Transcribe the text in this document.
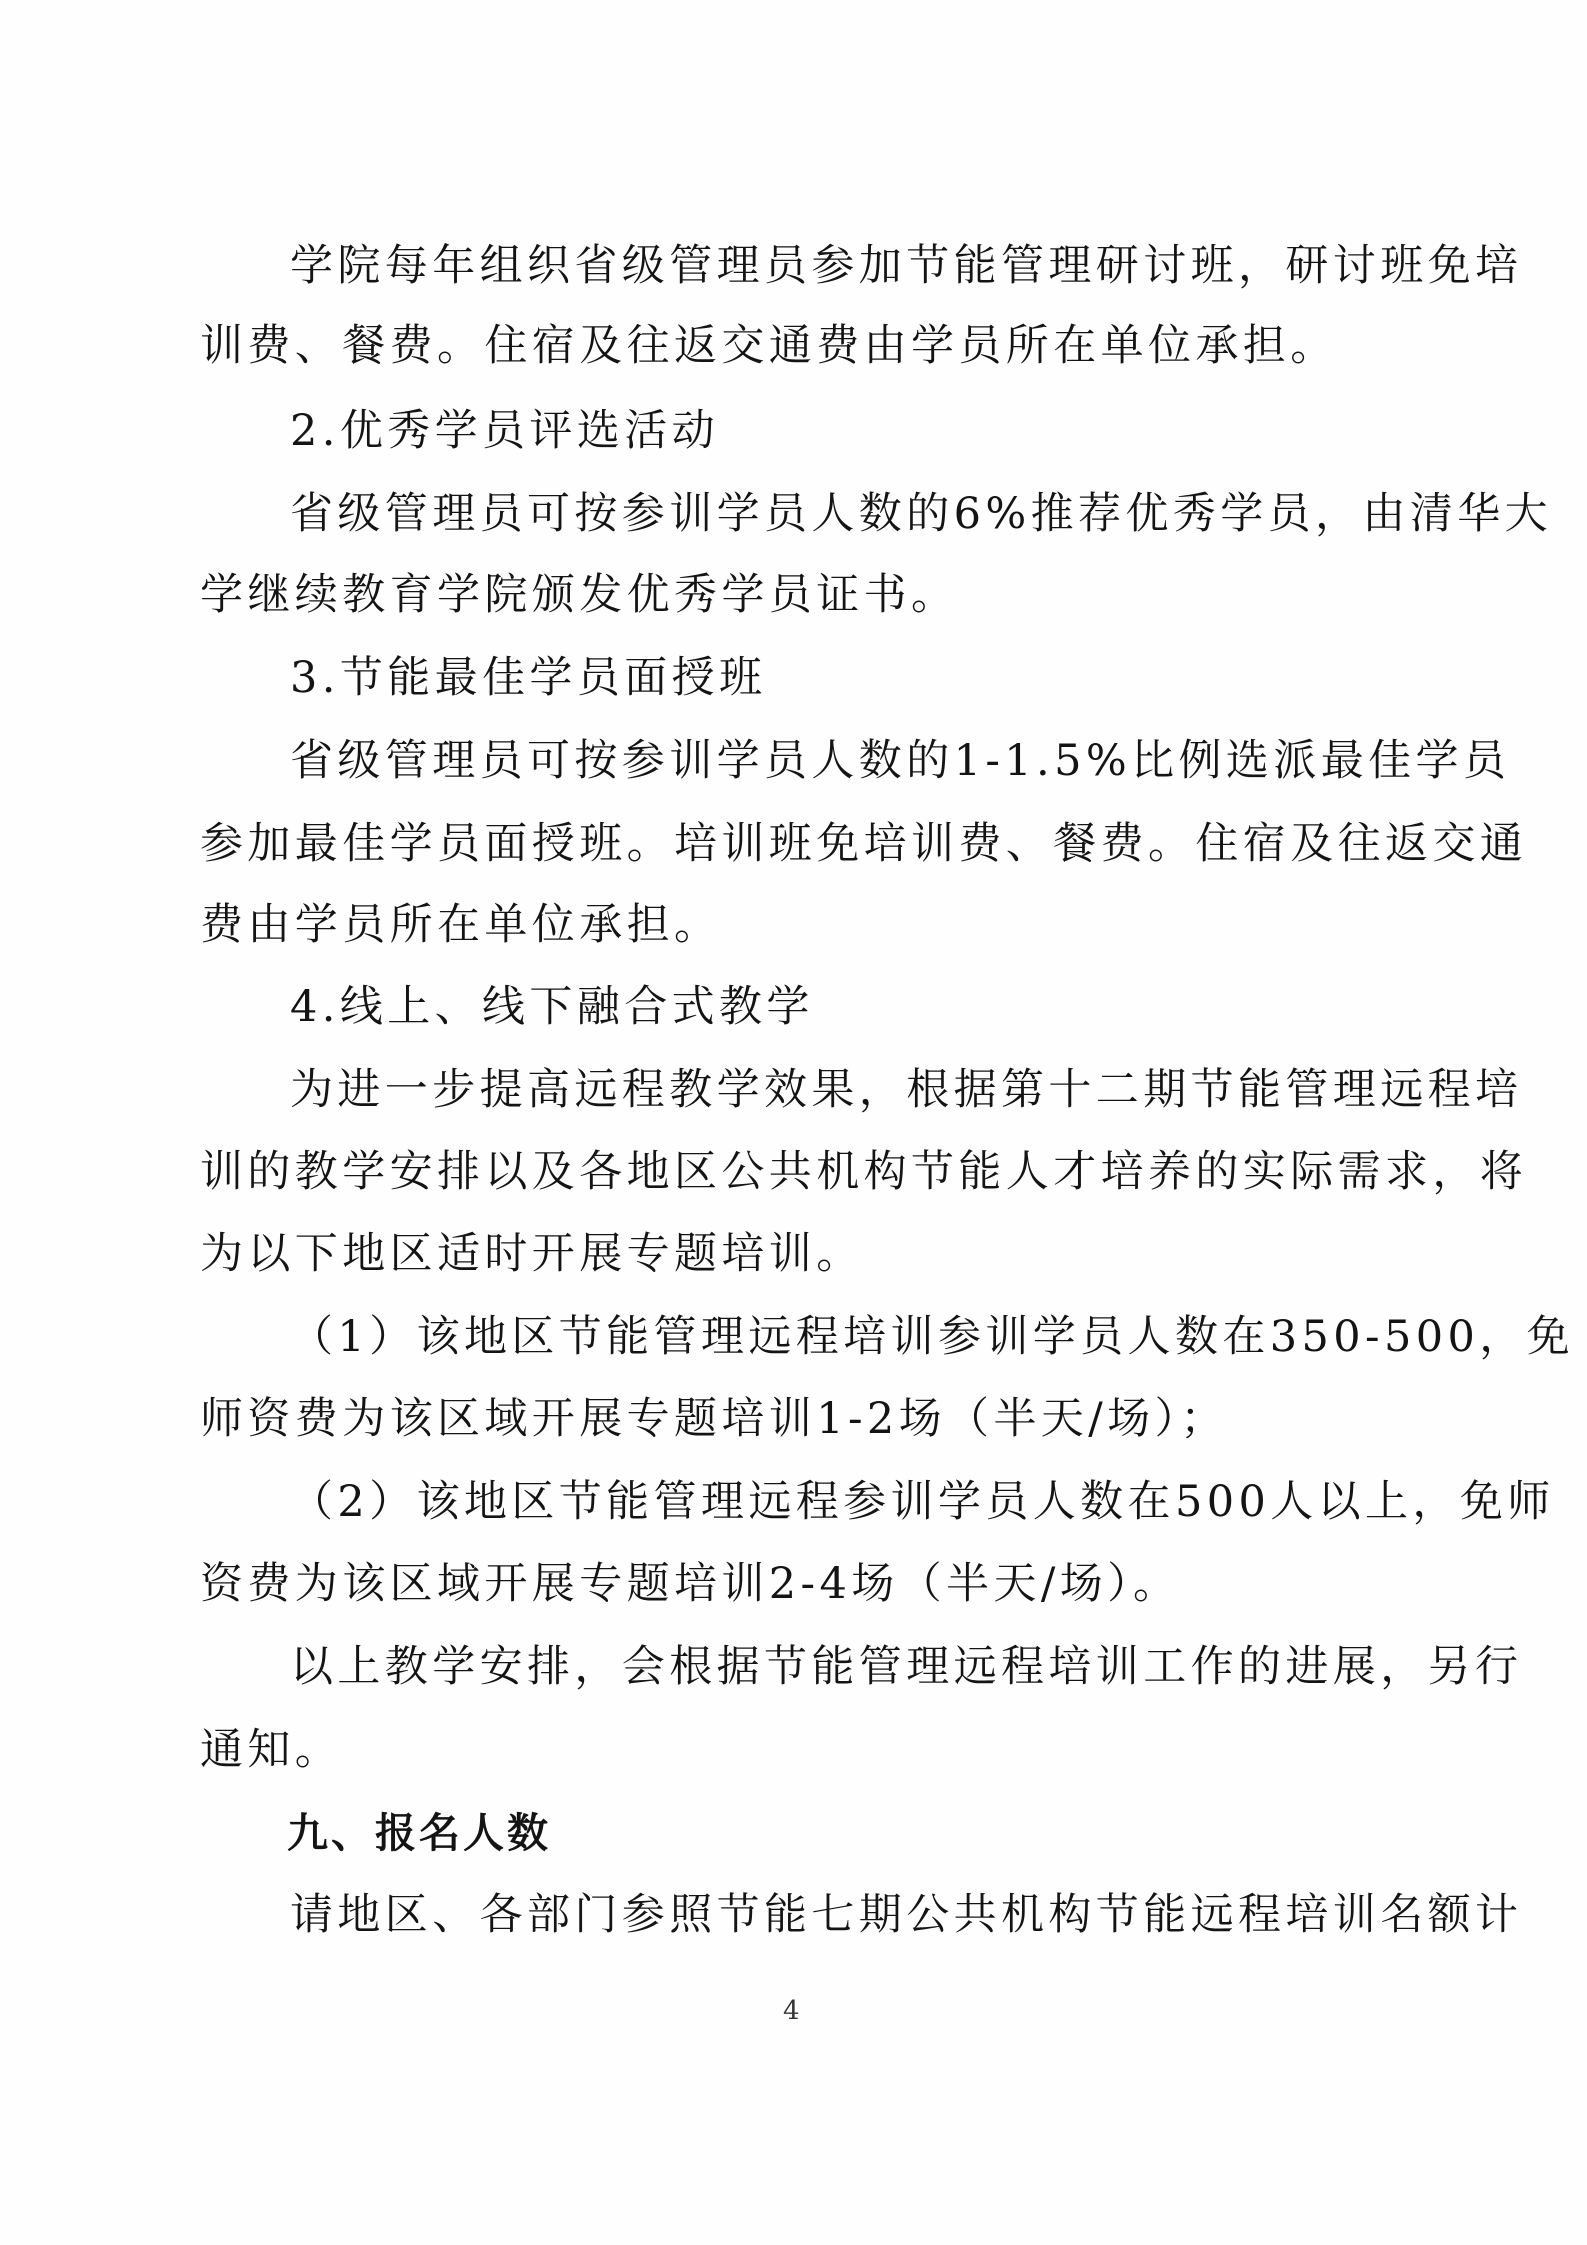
学院每年组织省级管理员参加节能管理研讨班，研讨班免培
训费、餐费。住宿及往返交通费由学员所在单位承担。
2.优秀学员评选活动
省级管理员可按参训学员人数的6%推荐优秀学员，由清华大
学继续教育学院颁发优秀学员证书。
3.节能最佳学员面授班
省级管理员可按参训学员人数的1-1.5%比例选派最佳学员
参加最佳学员面授班。培训班免培训费、餐费。住宿及往返交通
费由学员所在单位承担。
4.线上、线下融合式教学
为进一步提高远程教学效果，根据第十二期节能管理远程培
训的教学安排以及各地区公共机构节能人才培养的实际需求，将
为以下地区适时开展专题培训。
（1）该地区节能管理远程培训参训学员人数在350-500，免
师资费为该区域开展专题培训1-2场（半天/场）；
（2）该地区节能管理远程参训学员人数在500人以上，免师
资费为该区域开展专题培训2-4场（半天/场）。
以上教学安排，会根据节能管理远程培训工作的进展，另行
通知。
九、报名人数
请地区、各部门参照节能七期公共机构节能远程培训名额计
4
